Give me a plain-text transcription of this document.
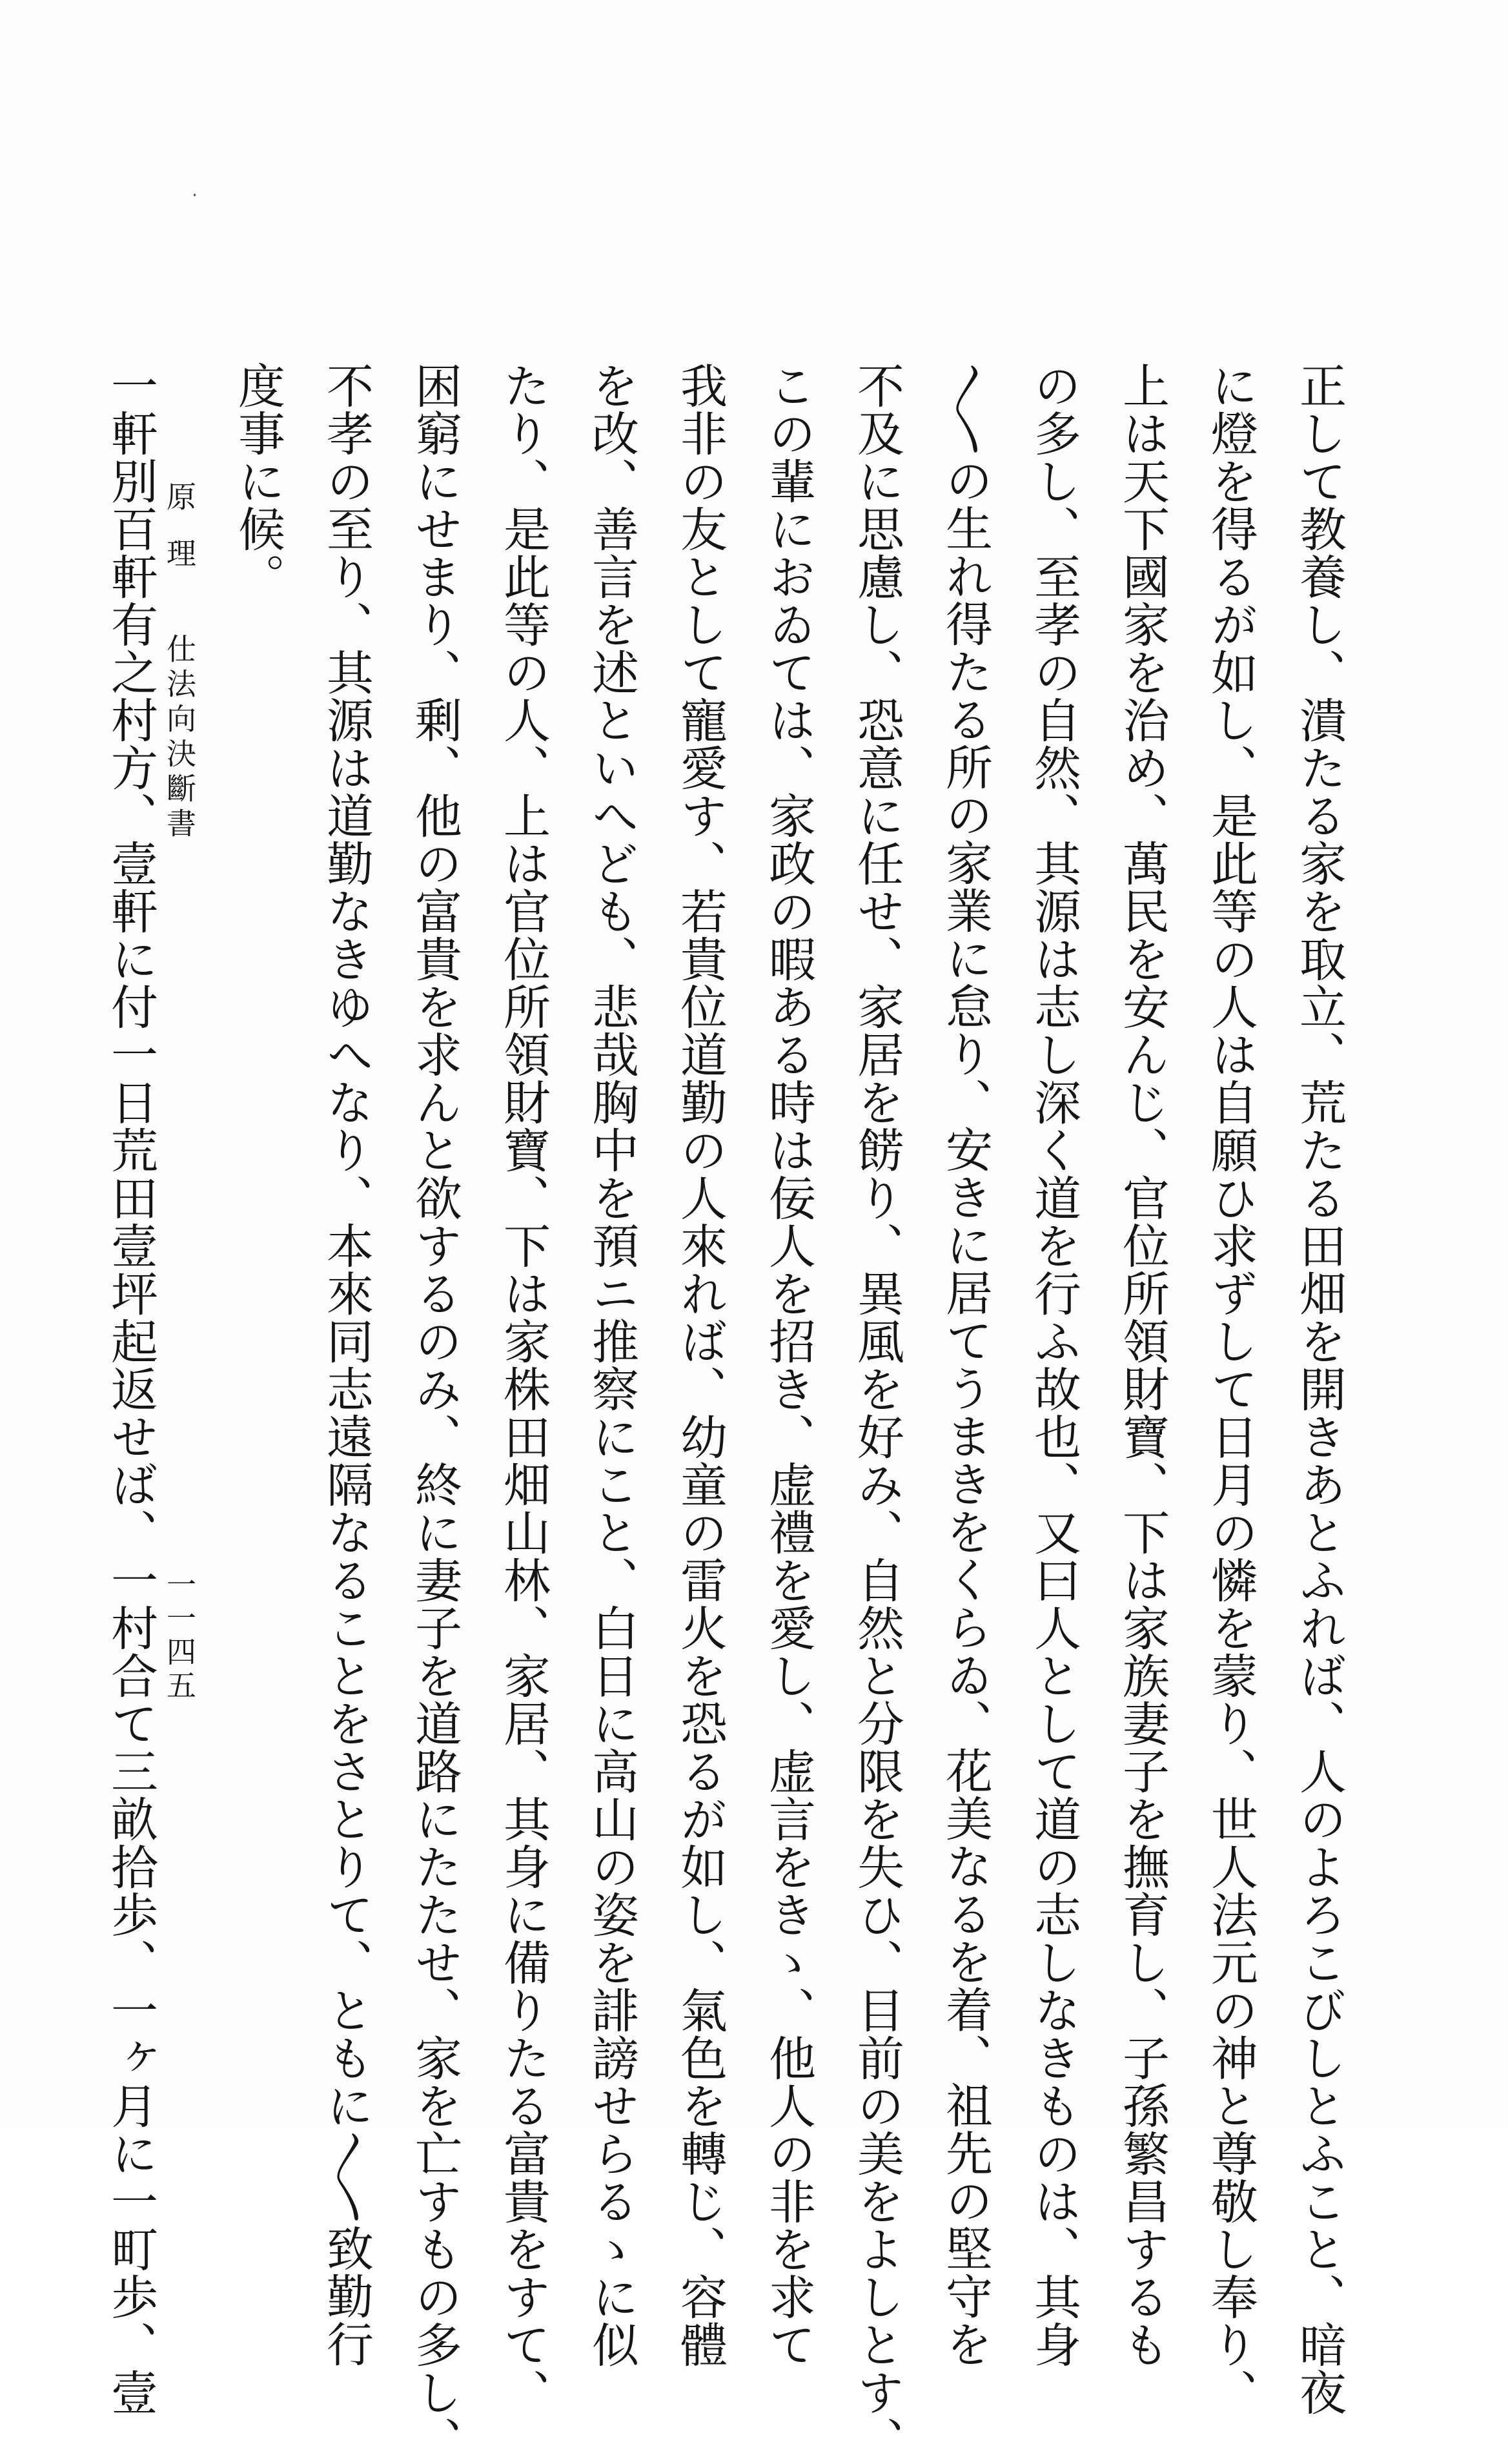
正して教養し、潰たる家を取立、荒たる田畑を開きあとふれば、人のよろこびしとふこと、暗夜
に燈を得るが如し、是此等の人は自願ひ求ずして日月の憐を蒙り、世人法元の神と尊敬し奉り、
上は天下國家を治め、萬民を安んじ、官位所領財寶、下は家族妻子を撫育し、子孫繁昌するも
の多し、至孝の自然、其源は志し深く道を行ふ故也、又曰人として道の志しなきものは、其身
〳〵の生れ得たる所の家業に怠り、安きに居てうまきをくらゐ、花美なるを着、祖先の堅守を
不及に思慮し、恐意に任せ、家居を餝り、異風を好み、自然と分限を失ひ、目前の美をよしとす、
この輩におゐては、家政の暇ある時は佞人を招き、虚禮を愛し、虚言をきゝ、他人の非を求て
我非の友として寵愛す、若貴位道勤の人來れば、幼童の雷火を恐るが如し、氣色を轉じ、容體
を改、善言を述といへども、悲哉胸中を預ニ推察にこと、白日に高山の姿を誹謗せらるゝに似
たり、是此等の人、上は官位所領財寶、下は家株田畑山林、家居、其身に備りたる富貴をすて、
困窮にせまり、剰、他の富貴を求んと欲するのみ、終に妻子を道路にたたせ、家を亡すもの多し、
不孝の至り、其源は道勤なきゆへなり、本來同志遠隔なることをさとりて、ともに〳〵致勤行
度事に候。
一軒別百軒有之村方、壹軒に付一日荒田壹坪起返せば、一村合て三畝拾歩、一ヶ月に一町歩、壹 原理
仕法向決斷書
一一四五
